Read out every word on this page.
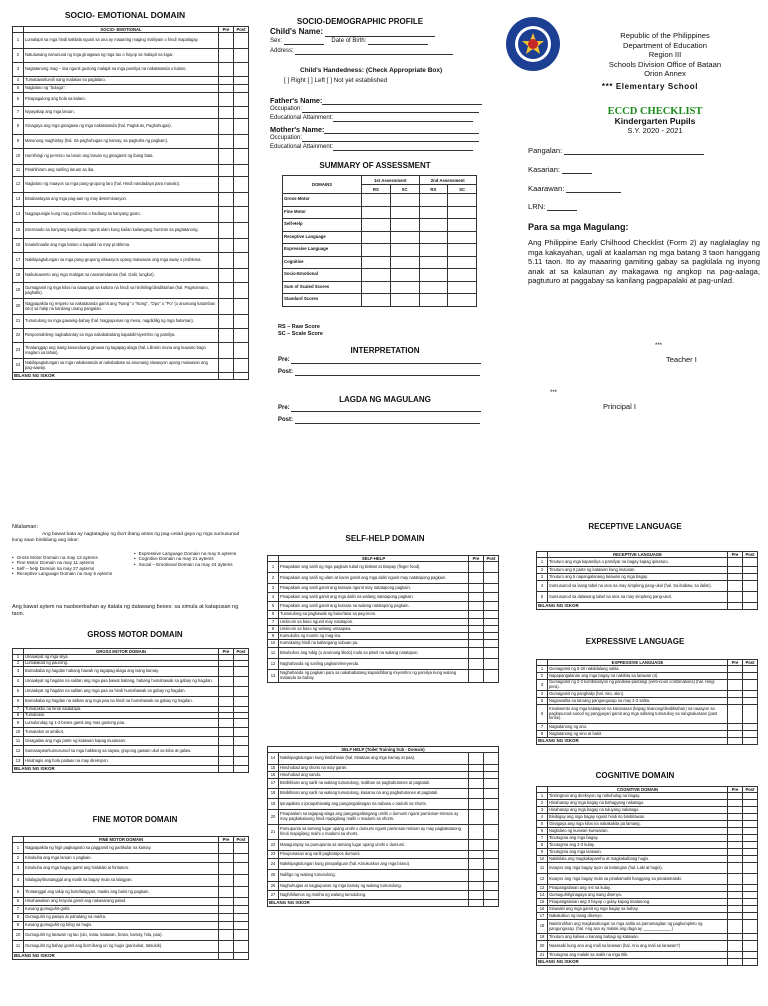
SOCIO- EMOTIONAL DOMAIN
	SOCIO- EMOTIONAL	Pre	Post
1	Lumalapit sa mga hindi kakilala ngunit sa una ay maaaring maging mahiyain o hindi mapalagay.		
2	Natutuwang nanunuod ng mga ginagawa ng mga tao o hayop sa malapit na lugar.		
3	Nagtatanong mag – iisa ngunit gustong malapit sa mga pamilya na nakatatanda o kalaro.		
4	Tumatawa/tumili nang malakas sa paglalaro.		
5	Naglalaro ng "bulaga".		
6	Pinapagulong ang bola sa kalaro.		
7	Niyayakap ang mga laruan.		
8	Ginagaya ang mga ginagawa ng mga nakatatanda (hal. Pagluluto, Paghuhugas).		
9	Marunong maghintay (hal. Sa paghuhugas ng kamay, sa pagkuha ng pagkain).		
10	Humihingi ng permiso na laruin ang laruan ng ginagamit ng ibang bata.		
11	Pinahihiram ang sariling laruan sa iba.		
12	Naglalaro ng maayos sa mga pang-grupong laro (hal. Hindi nandadaya para manalo).		
13	Binabantayan ang mga pag-aari ng may determinasyon.		
14	Nagpupunigie kung may problema o hadlang sa kanyang gusto.		
15	Interesado sa kanyang kapaligiran ngunit alam kung kailan kailangang huminto sa pagtatanong.		
16	Inaalo/inaalie ang mga kalaro o kapatid na may problema.		
17	Nakikipagtulungan sa mga pang-grupong sitwasyon upang maiwasan ang mga away o problema.		
18	Naikukuwento ang mga mabigat na nararamdaman (hal. Galit, lungkot).		
19	Gumagamit ng mga kilos na naaangat sa kultura na hindi na hinihiling/dinidiktahan (hal. Pagmamano, paghalik).		
20	Nagpapakita ng respeto sa nakatatanda gamit ang "Nang" o "Nong", "Opo" o "Po" (o anumang katumbas nito) sa halip na kanilang unang pangalan.		
21	Tumutulong sa mga gawaing-bahay (hal. Nagpupunas ng mesa, nagdidilig ng mga halaman).		
22	Responsableng nagbabantay sa mga nakababatang kapatid/miyembro ng pamilya.		
23	Tinatanggap ang isang kasunduang ginawa ng tagapag-alaga (hal. Lilinisin muna ang kuwarto bago maglaro sa labas).		
24	Nakikipagtulungan sa mga nakakatanda at nakababata sa anumang sitwasyon upang maiwasan ang pag-aaway.		
BILANG NG ISKOR			
SOCIO-DEMOGRAPHIC PROFILE
Child's Name:
Sex:	Date of Birth:
Address:
Child's Handedness: (Check Appropriate Box)
[ ] Right [ ] Left [ ] Not yet established
Father's Name:
Occupation:
Educational Attainment:
Mother's Name:
Occupation:
Educational Attainment:
SUMMARY OF ASSESSMENT
DOMAINS	1st Assessment		2nd Assessment	
	RS	SC	RS	SC
Gross-Motor				
Fine Motor				
Self-Help				
Receptive Language				
Expressive Language				
Cognitive				
Socio-Emotional				
Sum of Scaled Scores				
Standard Scores				
RS – Raw Score
SC – Scale Score
INTERPRETATION
Pre:
Post:
LAGDA NG MAGULANG
Pre:
Post:
Republic of the Philippines
Department of Education
Region III
Schools Division Office of Bataan
Orion Annex
*** Elementary School
ECCD CHECKLIST
Kindergarten Pupils
S.Y. 2020 - 2021
Pangalan:
Kasarian:
Kaarawan:
LRN:
Para sa mga Magulang:
Ang Philippine Early Chilhood Checklist (Form 2) ay naglalaglay ng mga kakayahan, ugali at kaalaman ng mga batang 3 taon hanggang 5.11 taon. Ito ay maaaring gamiting gabay sa pagkilala ng inyong anak at sa kalaunan ay makagawa ng angkop na pag-aalaga, pagtuturo at paggabay sa kanilang pagpapalaki at pag-unlad.
***
Teacher I
***
Principal I
Nilalaman:
Ang bawat bata ay nagtataglay ng iba't-ibang antas ng pag-unlad gaya ng mga sumusunod kung saan binibilang ang iskor:
• Gross Motor Domain na may 13 aytems
• Fine Motor Domain na may 11 aytems
• Self – help Domain na may 27 aytems
• Receptive Language Domain na may 5 aytems
• Expressive Language Domain na may 8 aytems
• Cognitive Domain na may 21 aytems
• Social – Emotional Domain na may 24 aytems
Ang bawat aytem na naobserbahan ay itatala ng dalawang beses: sa simula at katapusan ng taon.
GROSS MOTOR DOMAIN
	GROSS MOTOR DOMAIN	Pre	Post
1	Umaakyat ng mga silya.		
2	Lumalakad ng paurong.		
3	Bumababa ng hagdan habang hawak ng tagapag-alaga ang isang kamay.		
4	Umaakyat ng hagdan na salitan ang mga paa bawat baitang, habang humahawak sa gabay ng hagdan.		
5	Umaakyat ng hagdan na salitan ang mga paa na hindi humahawak sa gabay ng hagdan.		
6	Bumababa ng hagdan na salitan ang mga paa na hindi na humahawak sa gabay ng hagdan.		
7	Tumatakbo na hindi nadadapa.		
8	Tumatalon.		
9	Lumulundag ng 1-3 beses gamit ang mas gustong paa.		
10	Tumatalon at umiikot.		
11	Gisagalaw ang mga parte ng katawan kapag inuutusan.		
12	Sumasayaw/sumusunod sa mga hakbang sa sayaw, grupong gawain ukol sa kilos at galaw.		
13	Hinahagis ang bola paitaas na may direksyon.		
BILANG NG ISKOR			
FINE MOTOR DOMAIN
	FINE MOTOR DOMAIN	Pre	Post
1	Nagpapakita ng higit pagkagusto sa paggamit ng partikular na kamay.		
2	Kinukuha ang mga laruan o pagkain.		
3	Kinukuha ang mga bagay gamit ang hinlalaki at hintuturo.		
4	Nilalagay/tinatanggal ang maliit na bagay mula sa lalagyan.		
5	Tinatanggal ang takip ng bote/lalagyan, maalis ang balot ng pagkain.		
6	Hinahawakan ang krayola gamit ang nakasarang palad.		
7	Kusang gumuguhit-guhit.		
8	Gumuguhit ng patayo at pahalang na marka.		
9	Kusang gumuguhit ng bilog na hugis.		
10	Gumuguhit ng larawan ng tao (ulo, mata, katawan, braso, kamay, hita, paa).		
11	Gumuguhit ng bahay gamit ang iba't-ibang uri ng hugis (parisukat, tatsulok).		
BILANG NG ISKOR			
SELF-HELP DOMAIN
	SELF-HELP	Pre	Post
1	Pinapakain ang sarili ng mga pagkain tulad ng biskwit at tinapay (finger food).		
2	Pinapakain ang sarili ng ulam at kanin gamit ang mga daliri ngunit may natatapong pagkain.		
3	Pinapakain ang sarili gamit ang kutsara ngunit may natatapong pagkain.		
4	Pinapakain ang sarili gamit ang mga daliri na walang natatapong pagkain.		
5	Pinapakain ang sarili gamit ang kutsara na walang natatapong pagkain.		
6	Tumutulong sa paghawak ng baso/tasa sa pag-inom.		
7	Umiinom sa baso ngunit may natatapon.		
8	Umiinom sa baso ng walang umaapaw.		
9	Kumukuha ng inumin ng mag-isa.		
10	Kumakaing hindi na kailangang subuan pa.		
11	Binubuhos ang tubig (o anumang likido) mula sa pitsel na walang natatapon.		
12	Naghahanda ng sariling pagkain/meryenda.		
13	Naghahanda ng pagkain para sa nakababatang kapatid/ibang miyembro ng pamilya kung walang matanda sa bahay.		
SELF HELP (Toilet Training Sub - Domain)			
14	Nakikipagtulungan kung binibihisan (hal. Itinataas ang mga kamay at paa).		
15	Hinuhubad ang shorts na may garter.		
16	Hinuhubad ang sando.		
17	Binibihisan ang sarili na walang tumutulong, maliban sa pagbubutones at pagtatali.		
18	Binibihisan ang sarili na walang tumutulong, kasama na ang pagbubutones at pagtatali.		
19	Ipinapakita o ipinapahiwatig ang pangangailangan na nabasa o naduhi sa shorts.		
20	Pinapaalam sa tagapag-alaga ang pangangailangang umihi o dumumi ngunit paminsan-minsan ay may pagkakataong hindi mapigilang maihi o madumi sa shorts.		
21	Pumupunta sa tamang lugar upang umihi o dumumi ngunit paminsan-minsan ay may pagkakataong hindi mapigilang maihi o madumi sa shorts.		
22	Matagumpay na pumupunta sa tamang lugar upang umihi o dumumi.		
23	Pinupunasan ang sarili pagkatapos dumumi.		
24	Nakikipagtulungan kung pinapaliguan (hal. Kinukuskus ang mga braso).		
25	Naliligo ng walang tumutulong.		
26	Naghuhugas at nagpupunas ng mga kamay ng walang tumutulong.		
27	Naghihilamos ng mukha ng walang tumutulong.		
BILANG NG ISKOR			
RECEPTIVE LANGUAGE
	RECEPTIVE LANGUAGE	Pre	Post
1	Tinuturo ang mga kapamilya o pamilyar na bagay kapag ipinaturo.		
2	Tinuturo ang 5 parte ng katawan kung inutusan.		
3	Tinuturo ang 5 napangalanang larawan ng mga bagay.		
4	Sumusunod sa isang tabel na utos na may simpleng pang-ukol (hal. Sa ibabaw, sa ilalim).		
5	Sumusunod sa dalawang tabel na utos na may simpleng pang-ukol.		
BILANG NG ISKOR			
EXPRESSIVE LANGUAGE
	EXPRESSIVE LANGUAGE	Pre	Post
1	Gumagamit ng 5-20 nakikilalang salita.		
2	Napapangalanan ang mga bagay na nakikita sa larawan (4).		
3	Gumagamit ng 2-3 kombinasyon ng pandiwa-pantangi (verb-noun combinations) (hal. Hingi pera).		
4	Gumagamit ng panghalip (hal. Ako, akin).		
5	Nagsasalita sa tamang pangungusap na may 2-3 salita.		
6	Kinukwento ang mga kalatapos na karanasan (kapag tinanong/dinidiktahan) na naaayon sa pagkasunod-sunod ng pangyayari gamit ang mga salitang tumutukoy sa nangnakaraan (past tense).		
7	Nagtatanong ng ano.		
8	Nagtatanong ng sino at bakit.		
BILANG NG ISKOR			
COGNITIVE DOMAIN
	COGNITIVE DOMAIN	Pre	Post
1	Tinitingnan ang direksyon ng nahuhulog na bagay.		
2	Hinahanap ang mga bagay na bahagyang nakatago.		
3	Hinahanap ang mga bagay na tuluyang nakatago.		
4	Binibigay ang mga bagay ngunit hindi ito binibitawan.		
5	Ginagaya ang mga kilos na nakakakita pa lamang.		
6	Naglalaro ng kunwari-kunwarian.		
7	Tinutugma ang mga bagay.		
8	Tinutugma ang 2-3 kulay.		
9	Tinutugma ang mga larawan.		
10	Nakikilala ang magkakapareho at magkakaibang hugis.		
11	Inaayos ang mga bagay ayon sa katangian (hal. Laki at hugis).		
12	Inaayos ang mga bagay mula sa pinakamaliit hanggang sa pinakamalaki.		
13	Pinapangalanan ang 4-6 na kulay.		
14	Gumuguhit/ginagaya ang isang disenyo.		
15	Pinapangalanan ang 3 hayop o gulay kapag tinatanong.		
16	Sinasabi ang mga gamit ng mga bagay sa bahay.		
17	Nakakabuo ng isang disenyo.		
18	Naiintindihan ang magkasalungat na mga salita sa pamamagitan ng pagkumpleto ng pangungusap. (hal. Ang aso ay malaki ang daga ay ____________.)		
19	Tinuturo ang kaliwa o kanang bahagi ng katawan.		
20	Nasasabi kung ano ang mali sa larawan (hal. Ano ang mali sa larawan?)		
21	Tinutugma ang malaki sa maliit na mga titik.		
BILANG NG ISKOR			
